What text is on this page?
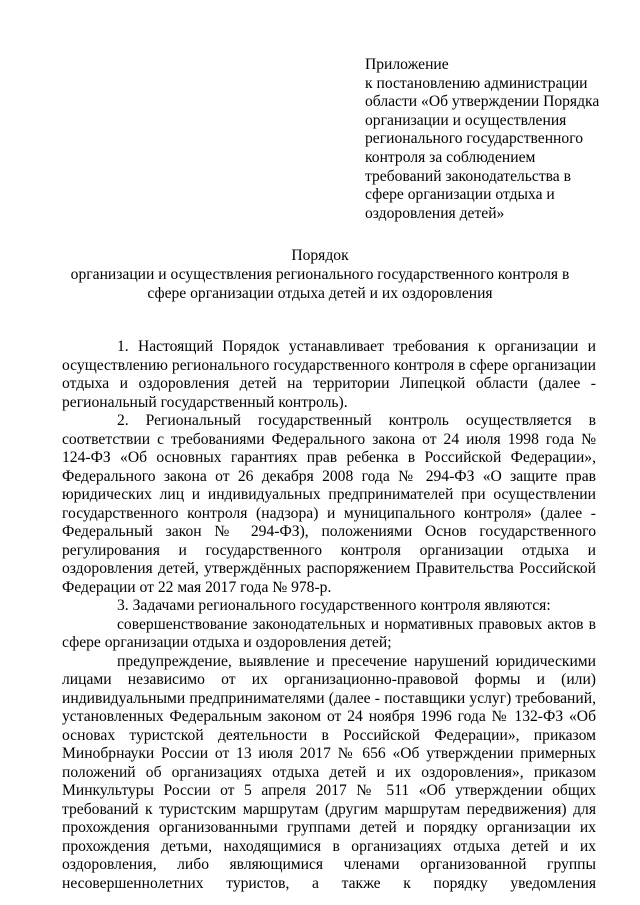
Приложение
к постановлению администрации
области «Об утверждении Порядка
организации и осуществления
регионального государственного
контроля за соблюдением
требований законодательства в
сфере организации отдыха и
оздоровления детей»
Порядок
организации и осуществления регионального государственного контроля в
сфере организации отдыха детей и их оздоровления
1. Настоящий Порядок устанавливает требования к организации и
осуществлению регионального государственного контроля в сфере организации
отдыха и оздоровления детей на территории Липецкой области (далее -
региональный государственный контроль).
2. Региональный государственный контроль осуществляется в
соответствии с требованиями Федерального закона от 24 июля 1998 года №
124-ФЗ «Об основных гарантиях прав ребенка в Российской Федерации»,
Федерального закона от 26 декабря 2008 года № 294-ФЗ «О защите прав
юридических лиц и индивидуальных предпринимателей при осуществлении
государственного контроля (надзора) и муниципального контроля» (далее -
Федеральный закон № 294-ФЗ), положениями Основ государственного
регулирования и государственного контроля организации отдыха и
оздоровления детей, утверждённых распоряжением Правительства Российской
Федерации от 22 мая 2017 года № 978-р.
3. Задачами регионального государственного контроля являются:
совершенствование законодательных и нормативных правовых актов в
сфере организации отдыха и оздоровления детей;
предупреждение, выявление и пресечение нарушений юридическими
лицами независимо от их организационно-правовой формы и (или)
индивидуальными предпринимателями (далее - поставщики услуг) требований,
установленных Федеральным законом от 24 ноября 1996 года № 132-ФЗ «Об
основах туристской деятельности в Российской Федерации», приказом
Минобрнауки России от 13 июля 2017 № 656 «Об утверждении примерных
положений об организациях отдыха детей и их оздоровления», приказом
Минкультуры России от 5 апреля 2017 № 511 «Об утверждении общих
требований к туристским маршрутам (другим маршрутам передвижения) для
прохождения организованными группами детей и порядку организации их
прохождения детьми, находящимися в организациях отдыха детей и их
оздоровления, либо являющимися членами организованной группы
несовершеннолетних туристов, а также к порядку уведомления
